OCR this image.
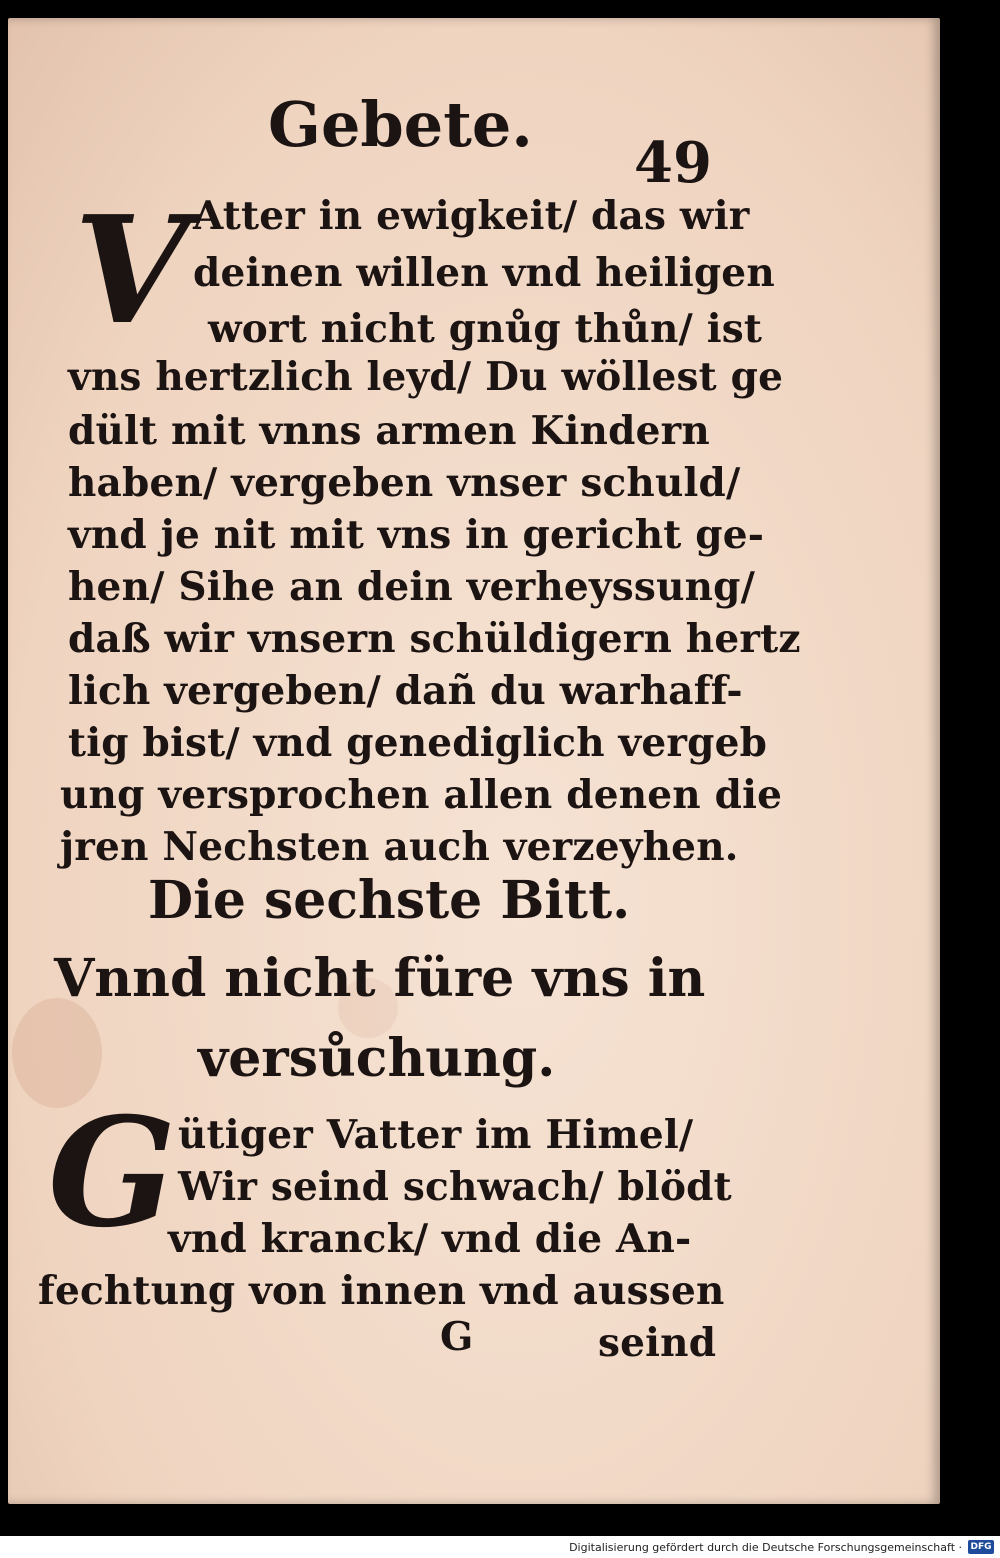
Gebete.
49
V Atter in ewigkeit/ das wir
deinen willen vnd heiligen
wort nicht gnůg thůn/ ist
vns hertzlich leyd/ Du wöllest ge
dült mit vnns armen Kindern
haben/ vergeben vnser schuld/
vnd je nit mit vns in gericht ge-
hen/ Sihe an dein verheyssung/
daß wir vnsern schüldigern hertz
lich vergeben/ dañ du warhaff-
tig bist/ vnd genediglich vergeb
ung versprochen allen denen die
jren Nechsten auch verzeyhen.
Die sechste Bitt.
Vnnd nicht füre vns in
versůchung.
G ütiger Vatter im Himel/
Wir seind schwach/ blödt
vnd kranck/ vnd die An-
fechtung von innen vnd aussen
G	seind
Digitalisierung gefördert durch die Deutsche Forschungsgemeinschaft · DFG
